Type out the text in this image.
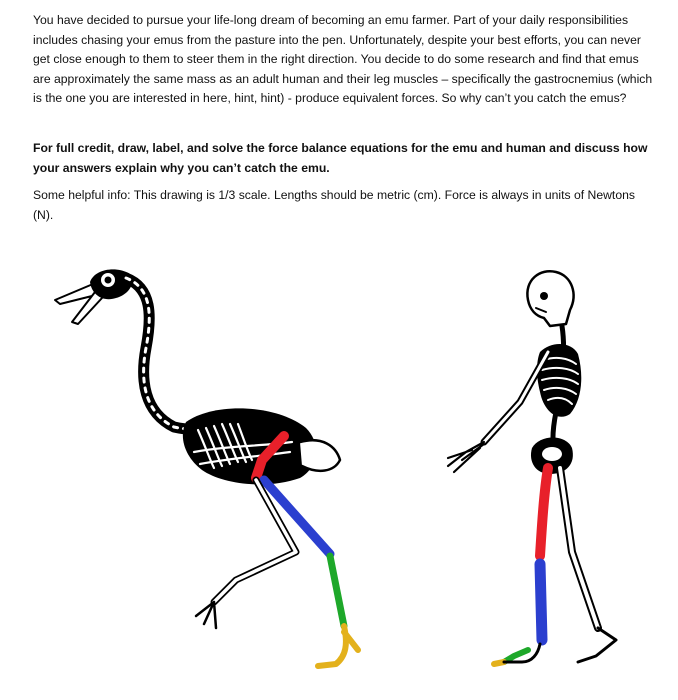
You have decided to pursue your life-long dream of becoming an emu farmer. Part of your daily responsibilities includes chasing your emus from the pasture into the pen. Unfortunately, despite your best efforts, you can never get close enough to them to steer them in the right direction. You decide to do some research and find that emus are approximately the same mass as an adult human and their leg muscles – specifically the gastrocnemius (which is the one you are interested in here, hint, hint) - produce equivalent forces. So why can’t you catch the emus?

For full credit, draw, label, and solve the force balance equations for the emu and human and discuss how your answers explain why you can’t catch the emu.

Some helpful info: This drawing is 1/3 scale. Lengths should be metric (cm). Force is always in units of Newtons (N).
